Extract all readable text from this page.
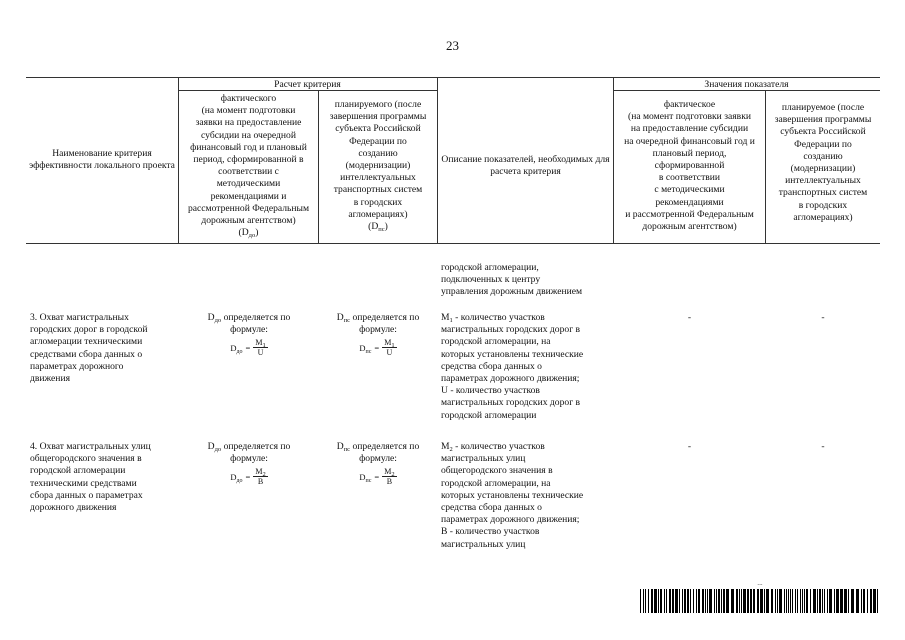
23
Наименование критерия эффективности локального проекта
Расчет критерия
фактического
(на момент подготовки
заявки на предоставление
субсидии на очередной
финансовый год и плановый
период, сформированной в
соответствии с
методическими
рекомендациями и
рассмотренной Федеральным
дорожным агентством)
$(D_{до})$
планируемого (после
завершения программы
субъекта Российской
Федерации по
созданию
(модернизации)
интеллектуальных
транспортных систем
в городских
агломерациях)
$(D_{пс})$
Описание показателей, необходимых для расчета критерия
Значения показателя
фактическое
(на момент подготовки заявки
на предоставление субсидии
на очередной финансовый год и
плановый период,
сформированной
в соответствии
с методическими
рекомендациями
и рассмотренной Федеральным
дорожным агентством)
планируемое (после
завершения программы
субъекта Российской
Федерации по
созданию
(модернизации)
интеллектуальных
транспортных систем
в городских
агломерациях)
городской агломерации,
подключенных к центру
управления дорожным движением
3. Охват магистральных
городских дорог в городской
агломерации техническими
средствами сбора данных о
параметрах дорожного
движения
$D_{до}$ определяется по
формуле:
$D_{до} = \frac{M_1}{U}$
$D_{пс}$ определяется по
формуле:
$D_{пс} = \frac{M_1}{U}$
$M_1$ - количество участков
магистральных городских дорог в
городской агломерации, на
которых установлены технические
средства сбора данных о
параметрах дорожного движения;
U - количество участков
магистральных городских дорог в
городской агломерации
-	-
4. Охват магистральных улиц
общегородского значения в
городской агломерации
техническими средствами
сбора данных о параметрах
дорожного движения
$D_{до}$ определяется по
формуле:
$D_{до} = \frac{M_2}{B}$
$D_{пс}$ определяется по
формуле:
$D_{пс} = \frac{M_2}{B}$
$M_2$ - количество участков
магистральных улиц
общегородского значения в
городской агломерации, на
которых установлены технические
средства сбора данных о
параметрах дорожного движения;
B - количество участков
магистральных улиц
-	-
...
